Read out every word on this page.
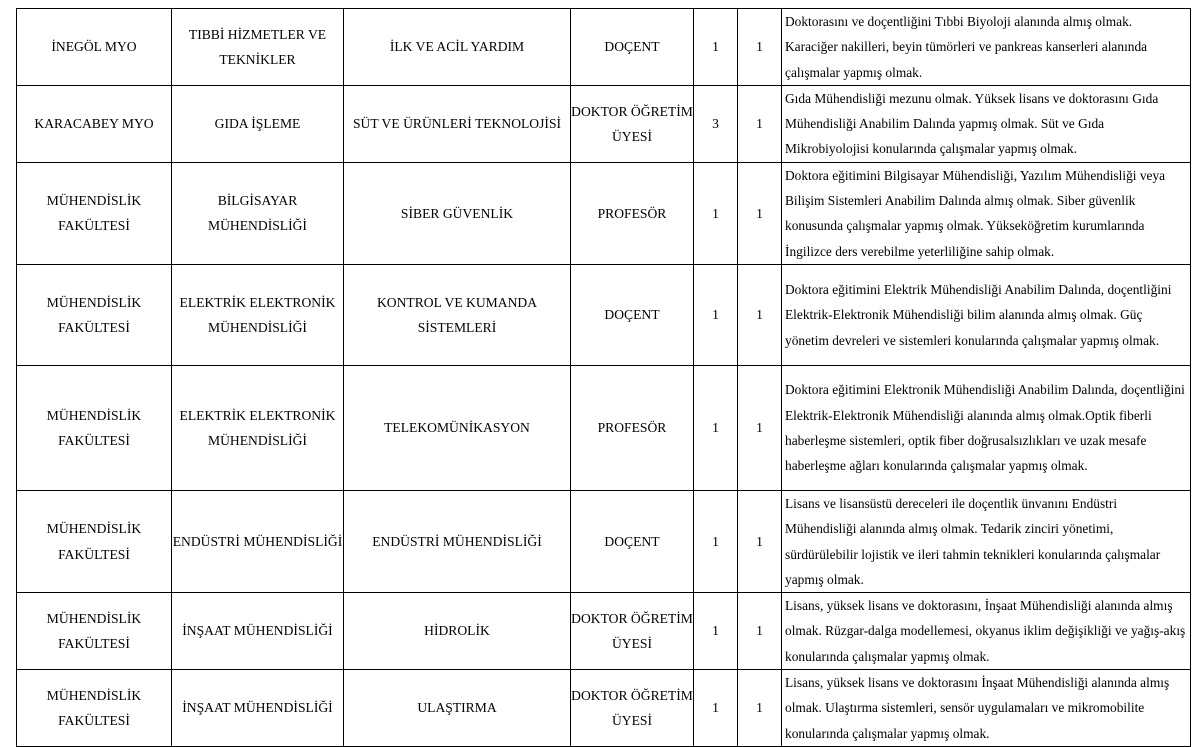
İNEGÖL MYO	TIBBİ HİZMETLER VE TEKNİKLER	İLK VE ACİL YARDIM	DOÇENT	1	1	Doktorasını ve doçentliğini Tıbbi Biyoloji alanında almış olmak. Karaciğer nakilleri, beyin tümörleri ve pankreas kanserleri alanında çalışmalar yapmış olmak.
KARACABEY MYO	GIDA İŞLEME	SÜT VE ÜRÜNLERİ TEKNOLOJİSİ	DOKTOR ÖĞRETİM ÜYESİ	3	1	Gıda Mühendisliği mezunu olmak. Yüksek lisans ve doktorasını Gıda Mühendisliği Anabilim Dalında yapmış olmak. Süt ve Gıda Mikrobiyolojisi konularında çalışmalar yapmış olmak.
MÜHENDİSLİK FAKÜLTESİ	BİLGİSAYAR MÜHENDİSLİĞİ	SİBER GÜVENLİK	PROFESÖR	1	1	Doktora eğitimini Bilgisayar Mühendisliği, Yazılım Mühendisliği veya Bilişim Sistemleri Anabilim Dalında almış olmak. Siber güvenlik konusunda çalışmalar yapmış olmak. Yükseköğretim kurumlarında İngilizce ders verebilme yeterliliğine sahip olmak.
MÜHENDİSLİK FAKÜLTESİ	ELEKTRİK ELEKTRONİK MÜHENDİSLİĞİ	KONTROL VE KUMANDA SİSTEMLERİ	DOÇENT	1	1	Doktora eğitimini Elektrik Mühendisliği Anabilim Dalında, doçentliğini Elektrik-Elektronik Mühendisliği bilim alanında almış olmak. Güç yönetim devreleri ve sistemleri konularında çalışmalar yapmış olmak.
MÜHENDİSLİK FAKÜLTESİ	ELEKTRİK ELEKTRONİK MÜHENDİSLİĞİ	TELEKOMÜNİKASYON	PROFESÖR	1	1	Doktora eğitimini Elektronik Mühendisliği Anabilim Dalında, doçentliğini Elektrik-Elektronik Mühendisliği alanında almış olmak.Optik fiberli haberleşme sistemleri, optik fiber doğrusalsızlıkları ve uzak mesafe haberleşme ağları konularında çalışmalar yapmış olmak.
MÜHENDİSLİK FAKÜLTESİ	ENDÜSTRİ MÜHENDİSLİĞİ	ENDÜSTRİ MÜHENDİSLİĞİ	DOÇENT	1	1	Lisans ve lisansüstü dereceleri ile doçentlik ünvanını Endüstri Mühendisliği alanında almış olmak. Tedarik zinciri yönetimi, sürdürülebilir lojistik ve ileri tahmin teknikleri konularında çalışmalar yapmış olmak.
MÜHENDİSLİK FAKÜLTESİ	İNŞAAT MÜHENDİSLİĞİ	HİDROLİK	DOKTOR ÖĞRETİM ÜYESİ	1	1	Lisans, yüksek lisans ve doktorasını, İnşaat Mühendisliği alanında almış olmak. Rüzgar-dalga modellemesi, okyanus iklim değişikliği ve yağış-akış konularında çalışmalar yapmış olmak.
MÜHENDİSLİK FAKÜLTESİ	İNŞAAT MÜHENDİSLİĞİ	ULAŞTIRMA	DOKTOR ÖĞRETİM ÜYESİ	1	1	Lisans, yüksek lisans ve doktorasını İnşaat Mühendisliği alanında almış olmak. Ulaştırma sistemleri, sensör uygulamaları ve mikromobilite konularında çalışmalar yapmış olmak.
